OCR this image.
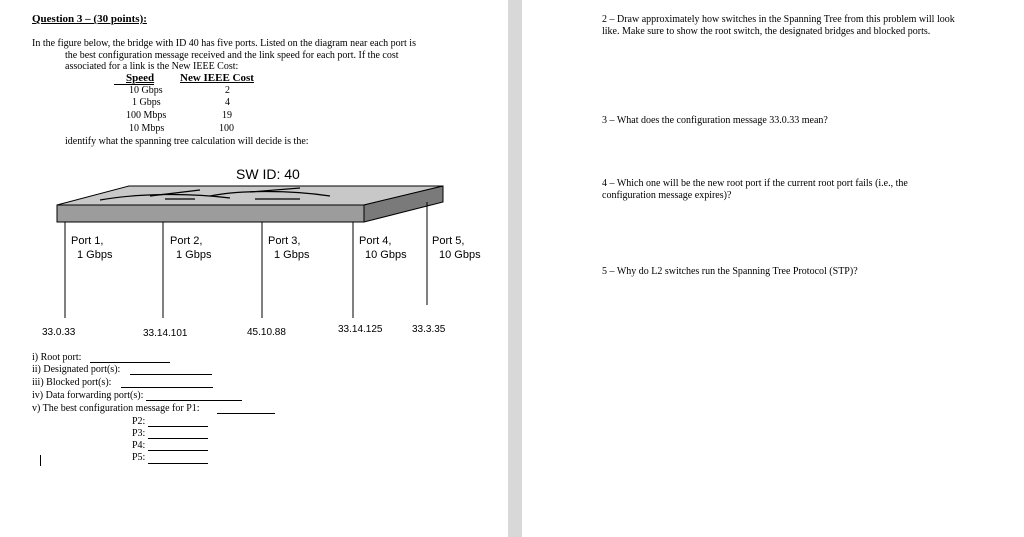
Question 3 – (30 points):
In the figure below, the bridge with ID 40 has five ports. Listed on the diagram near each port is
the best configuration message received and the link speed for each port. If the cost
associated for a link is the New IEEE Cost:
Speed New IEEE Cost
10 Gbps	2
1 Gbps	4
100 Mbps	19
10 Mbps	100
identify what the spanning tree calculation will decide is the:
SW ID: 40
Port 1,
1 Gbps
Port 2,
1 Gbps
Port 3,
1 Gbps
Port 4,
10 Gbps
Port 5,
10 Gbps
33.0.33	33.14.101	45.10.88	33.14.125	33.3.35
i) Root port:
ii) Designated port(s):
iii) Blocked port(s):
iv) Data forwarding port(s):
v) The best configuration message for P1:
P2:
P3:
P4:
P5:
2 – Draw approximately how switches in the Spanning Tree from this problem will look
like. Make sure to show the root switch, the designated bridges and blocked ports.
3 – What does the configuration message 33.0.33 mean?
4 – Which one will be the new root port if the current root port fails (i.e., the
configuration message expires)?
5 – Why do L2 switches run the Spanning Tree Protocol (STP)?
